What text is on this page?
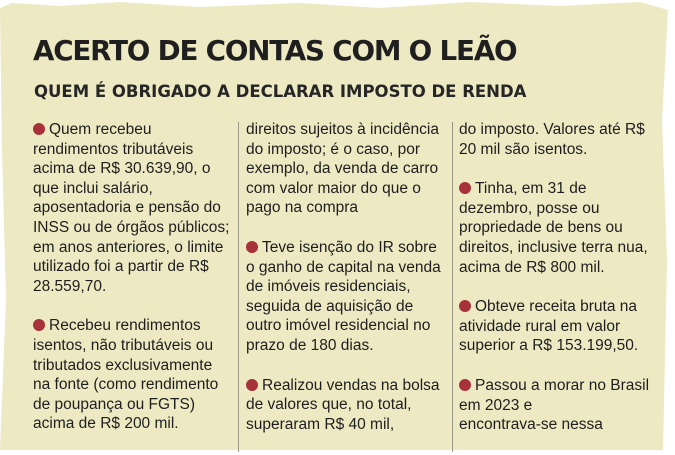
ACERTO DE CONTAS COM O LEÃO
QUEM É OBRIGADO A DECLARAR IMPOSTO DE RENDA
Quem recebeu
rendimentos tributáveis
acima de R$ 30.639,90, o
que inclui salário,
aposentadoria e pensão do
INSS ou de órgãos públicos;
em anos anteriores, o limite
utilizado foi a partir de R$
28.559,70.
Recebeu rendimentos
isentos, não tributáveis ou
tributados exclusivamente
na fonte (como rendimento
de poupança ou FGTS)
acima de R$ 200 mil.
direitos sujeitos à incidência
do imposto; é o caso, por
exemplo, da venda de carro
com valor maior do que o
pago na compra
Teve isenção do IR sobre
o ganho de capital na venda
de imóveis residenciais,
seguida de aquisição de
outro imóvel residencial no
prazo de 180 dias.
Realizou vendas na bolsa
de valores que, no total,
superaram R$ 40 mil,
do imposto. Valores até R$
20 mil são isentos.
Tinha, em 31 de
dezembro, posse ou
propriedade de bens ou
direitos, inclusive terra nua,
acima de R$ 800 mil.
Obteve receita bruta na
atividade rural em valor
superior a R$ 153.199,50.
Passou a morar no Brasil
em 2023 e
encontrava-se nessa
